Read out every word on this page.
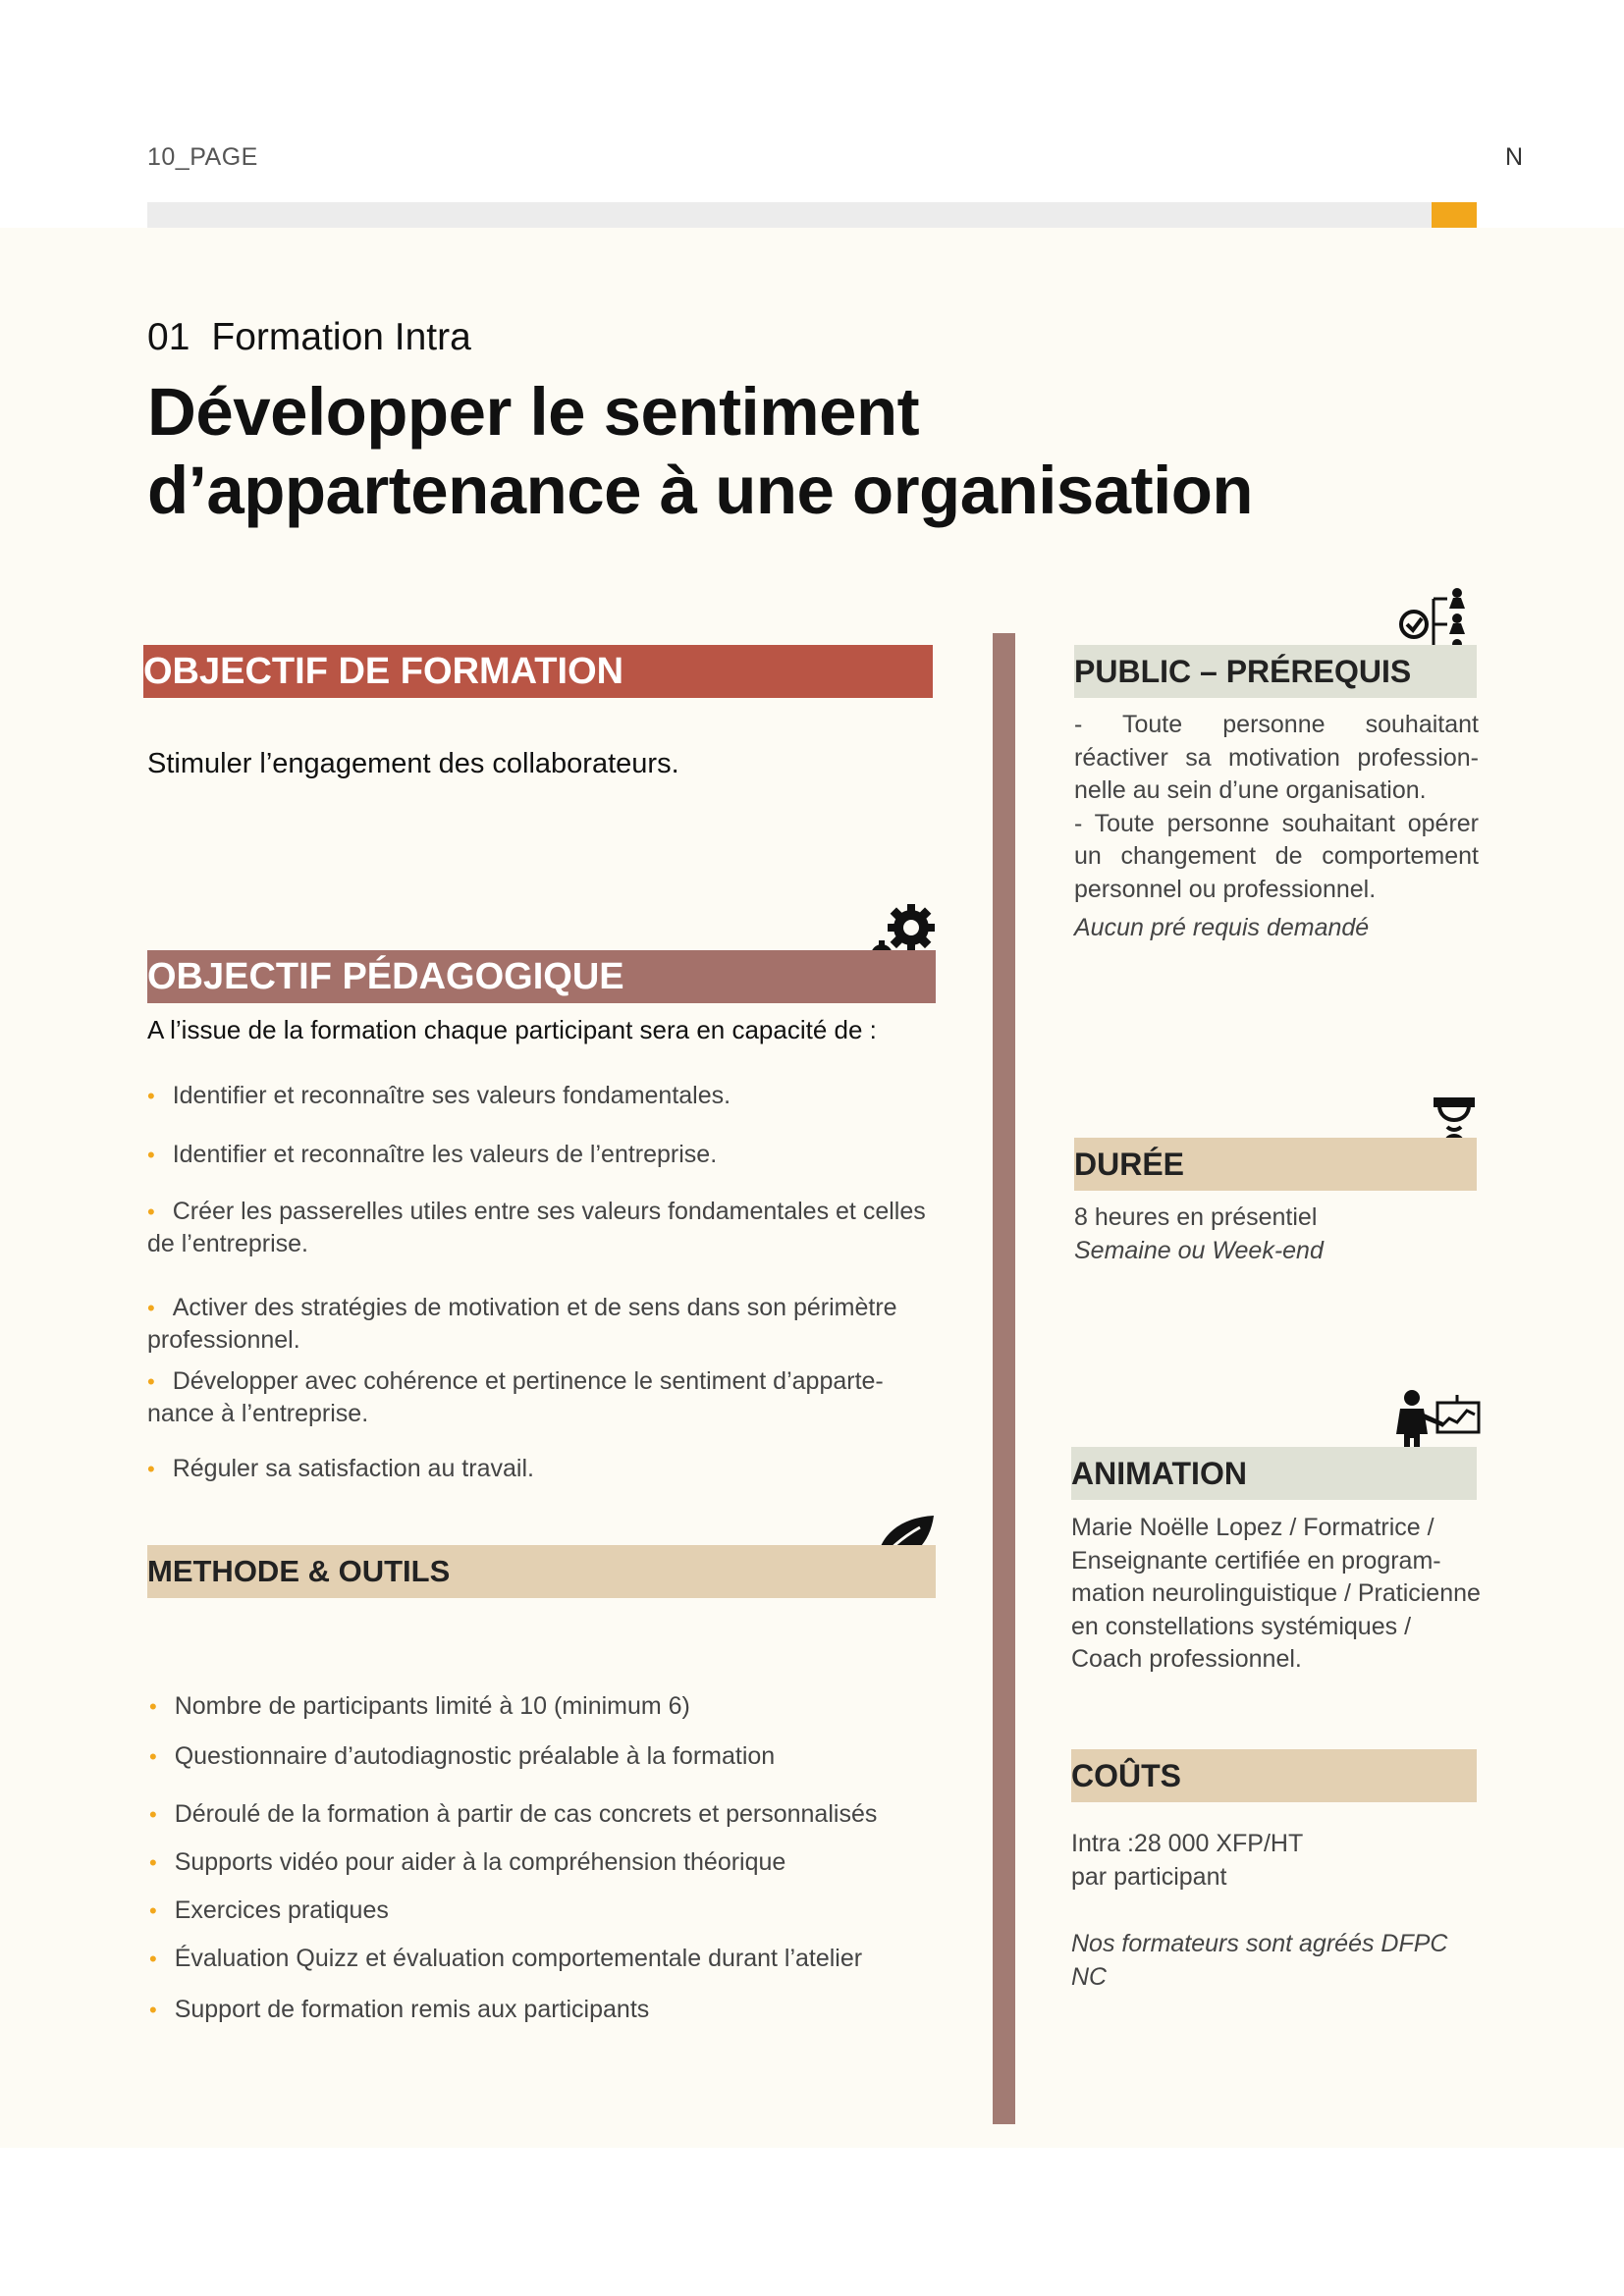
10_PAGE	N
01 Formation Intra
Développer le sentiment
d’appartenance à une organisation
OBJECTIF DE FORMATION
Stimuler l’engagement des collaborateurs.
OBJECTIF PÉDAGOGIQUE
A l’issue de la formation chaque participant sera en capacité de :
• Identifier et reconnaître ses valeurs fondamentales.
• Identifier et reconnaître les valeurs de l’entreprise.
• Créer les passerelles utiles entre ses valeurs fondamentales et celles de l’entreprise.
• Activer des stratégies de motivation et de sens dans son périmètre professionnel.
• Développer avec cohérence et pertinence le sentiment d’apparte-nance à l’entreprise.
• Réguler sa satisfaction au travail.
METHODE & OUTILS
• Nombre de participants limité à 10 (minimum 6)
• Questionnaire d’autodiagnostic préalable à la formation
• Déroulé de la formation à partir de cas concrets et personnalisés
• Supports vidéo pour aider à la compréhension théorique
• Exercices pratiques
• Évaluation Quizz et évaluation comportementale durant l’atelier
• Support de formation remis aux participants
PUBLIC – PRÉREQUIS
- Toute personne souhaitant réactiver sa motivation profession-nelle au sein d’une organisation.
- Toute personne souhaitant opérer un changement de comportement personnel ou professionnel.
Aucun pré requis demandé
DURÉE
8 heures en présentiel
Semaine ou Week-end
ANIMATION
Marie Noëlle Lopez / Formatrice / Enseignante certifiée en program-mation neurolinguistique / Praticienne en constellations systémiques / Coach professionnel.
COÛTS
Intra :28 000 XFP/HT
par participant
Nos formateurs sont agréés DFPC NC
